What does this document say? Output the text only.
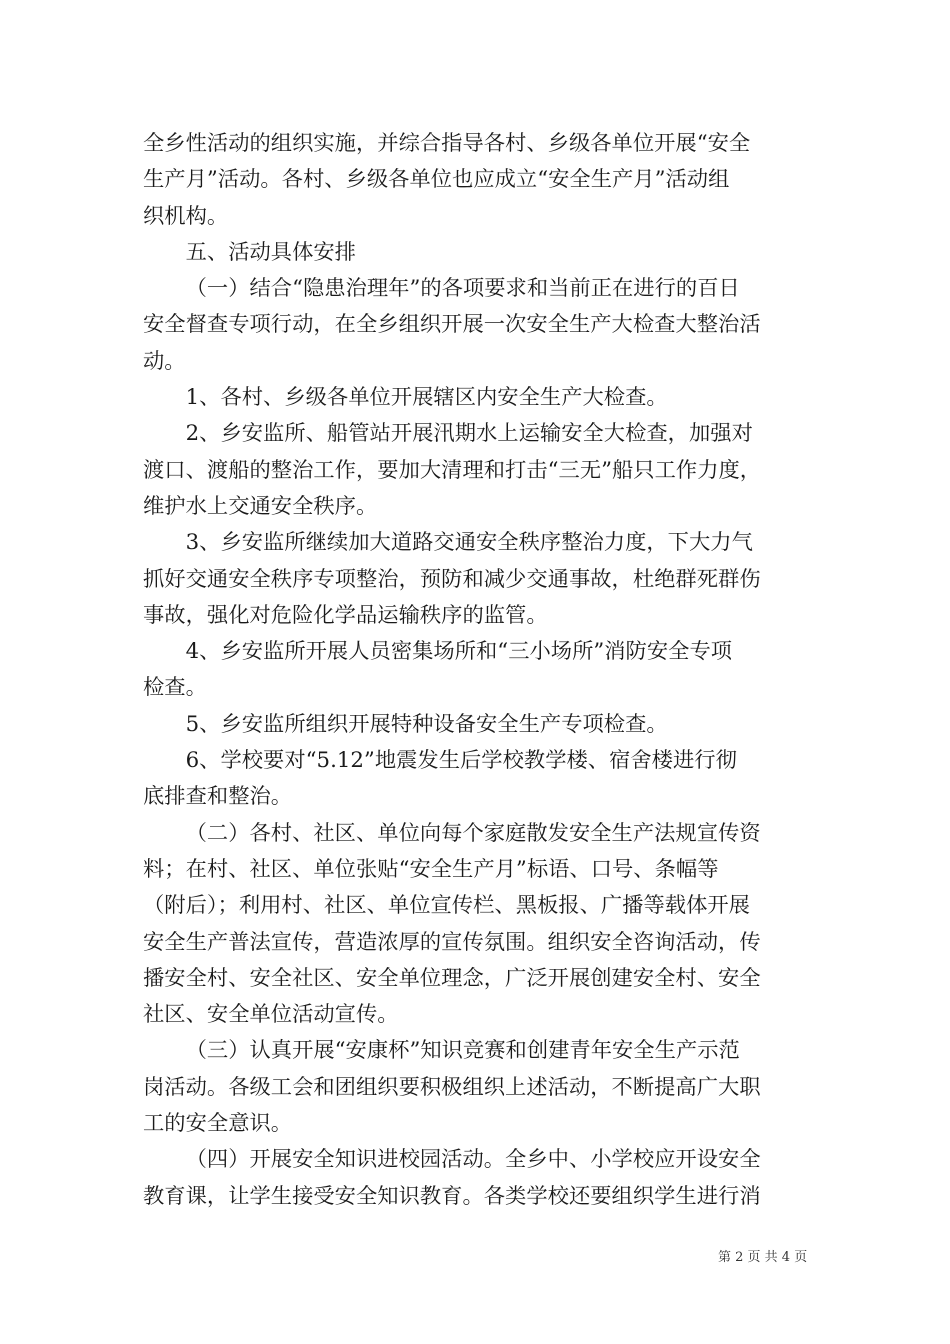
全乡性活动的组织实施，并综合指导各村、乡级各单位开展“安全
生产月”活动。各村、乡级各单位也应成立“安全生产月”活动组
织机构。
五、活动具体安排
（一）结合“隐患治理年”的各项要求和当前正在进行的百日
安全督查专项行动，在全乡组织开展一次安全生产大检查大整治活
动。
1、各村、乡级各单位开展辖区内安全生产大检查。
2、乡安监所、船管站开展汛期水上运输安全大检查，加强对
渡口、渡船的整治工作，要加大清理和打击“三无”船只工作力度，
维护水上交通安全秩序。
3、乡安监所继续加大道路交通安全秩序整治力度，下大力气
抓好交通安全秩序专项整治，预防和减少交通事故，杜绝群死群伤
事故，强化对危险化学品运输秩序的监管。
4、乡安监所开展人员密集场所和“三小场所”消防安全专项
检查。
5、乡安监所组织开展特种设备安全生产专项检查。
6、学校要对“5.12”地震发生后学校教学楼、宿舍楼进行彻
底排查和整治。
（二）各村、社区、单位向每个家庭散发安全生产法规宣传资
料；在村、社区、单位张贴“安全生产月”标语、口号、条幅等
（附后）；利用村、社区、单位宣传栏、黑板报、广播等载体开展
安全生产普法宣传，营造浓厚的宣传氛围。组织安全咨询活动，传
播安全村、安全社区、安全单位理念，广泛开展创建安全村、安全
社区、安全单位活动宣传。
（三）认真开展“安康杯”知识竞赛和创建青年安全生产示范
岗活动。各级工会和团组织要积极组织上述活动，不断提高广大职
工的安全意识。
（四）开展安全知识进校园活动。全乡中、小学校应开设安全
教育课，让学生接受安全知识教育。各类学校还要组织学生进行消
第 2 页 共 4 页
